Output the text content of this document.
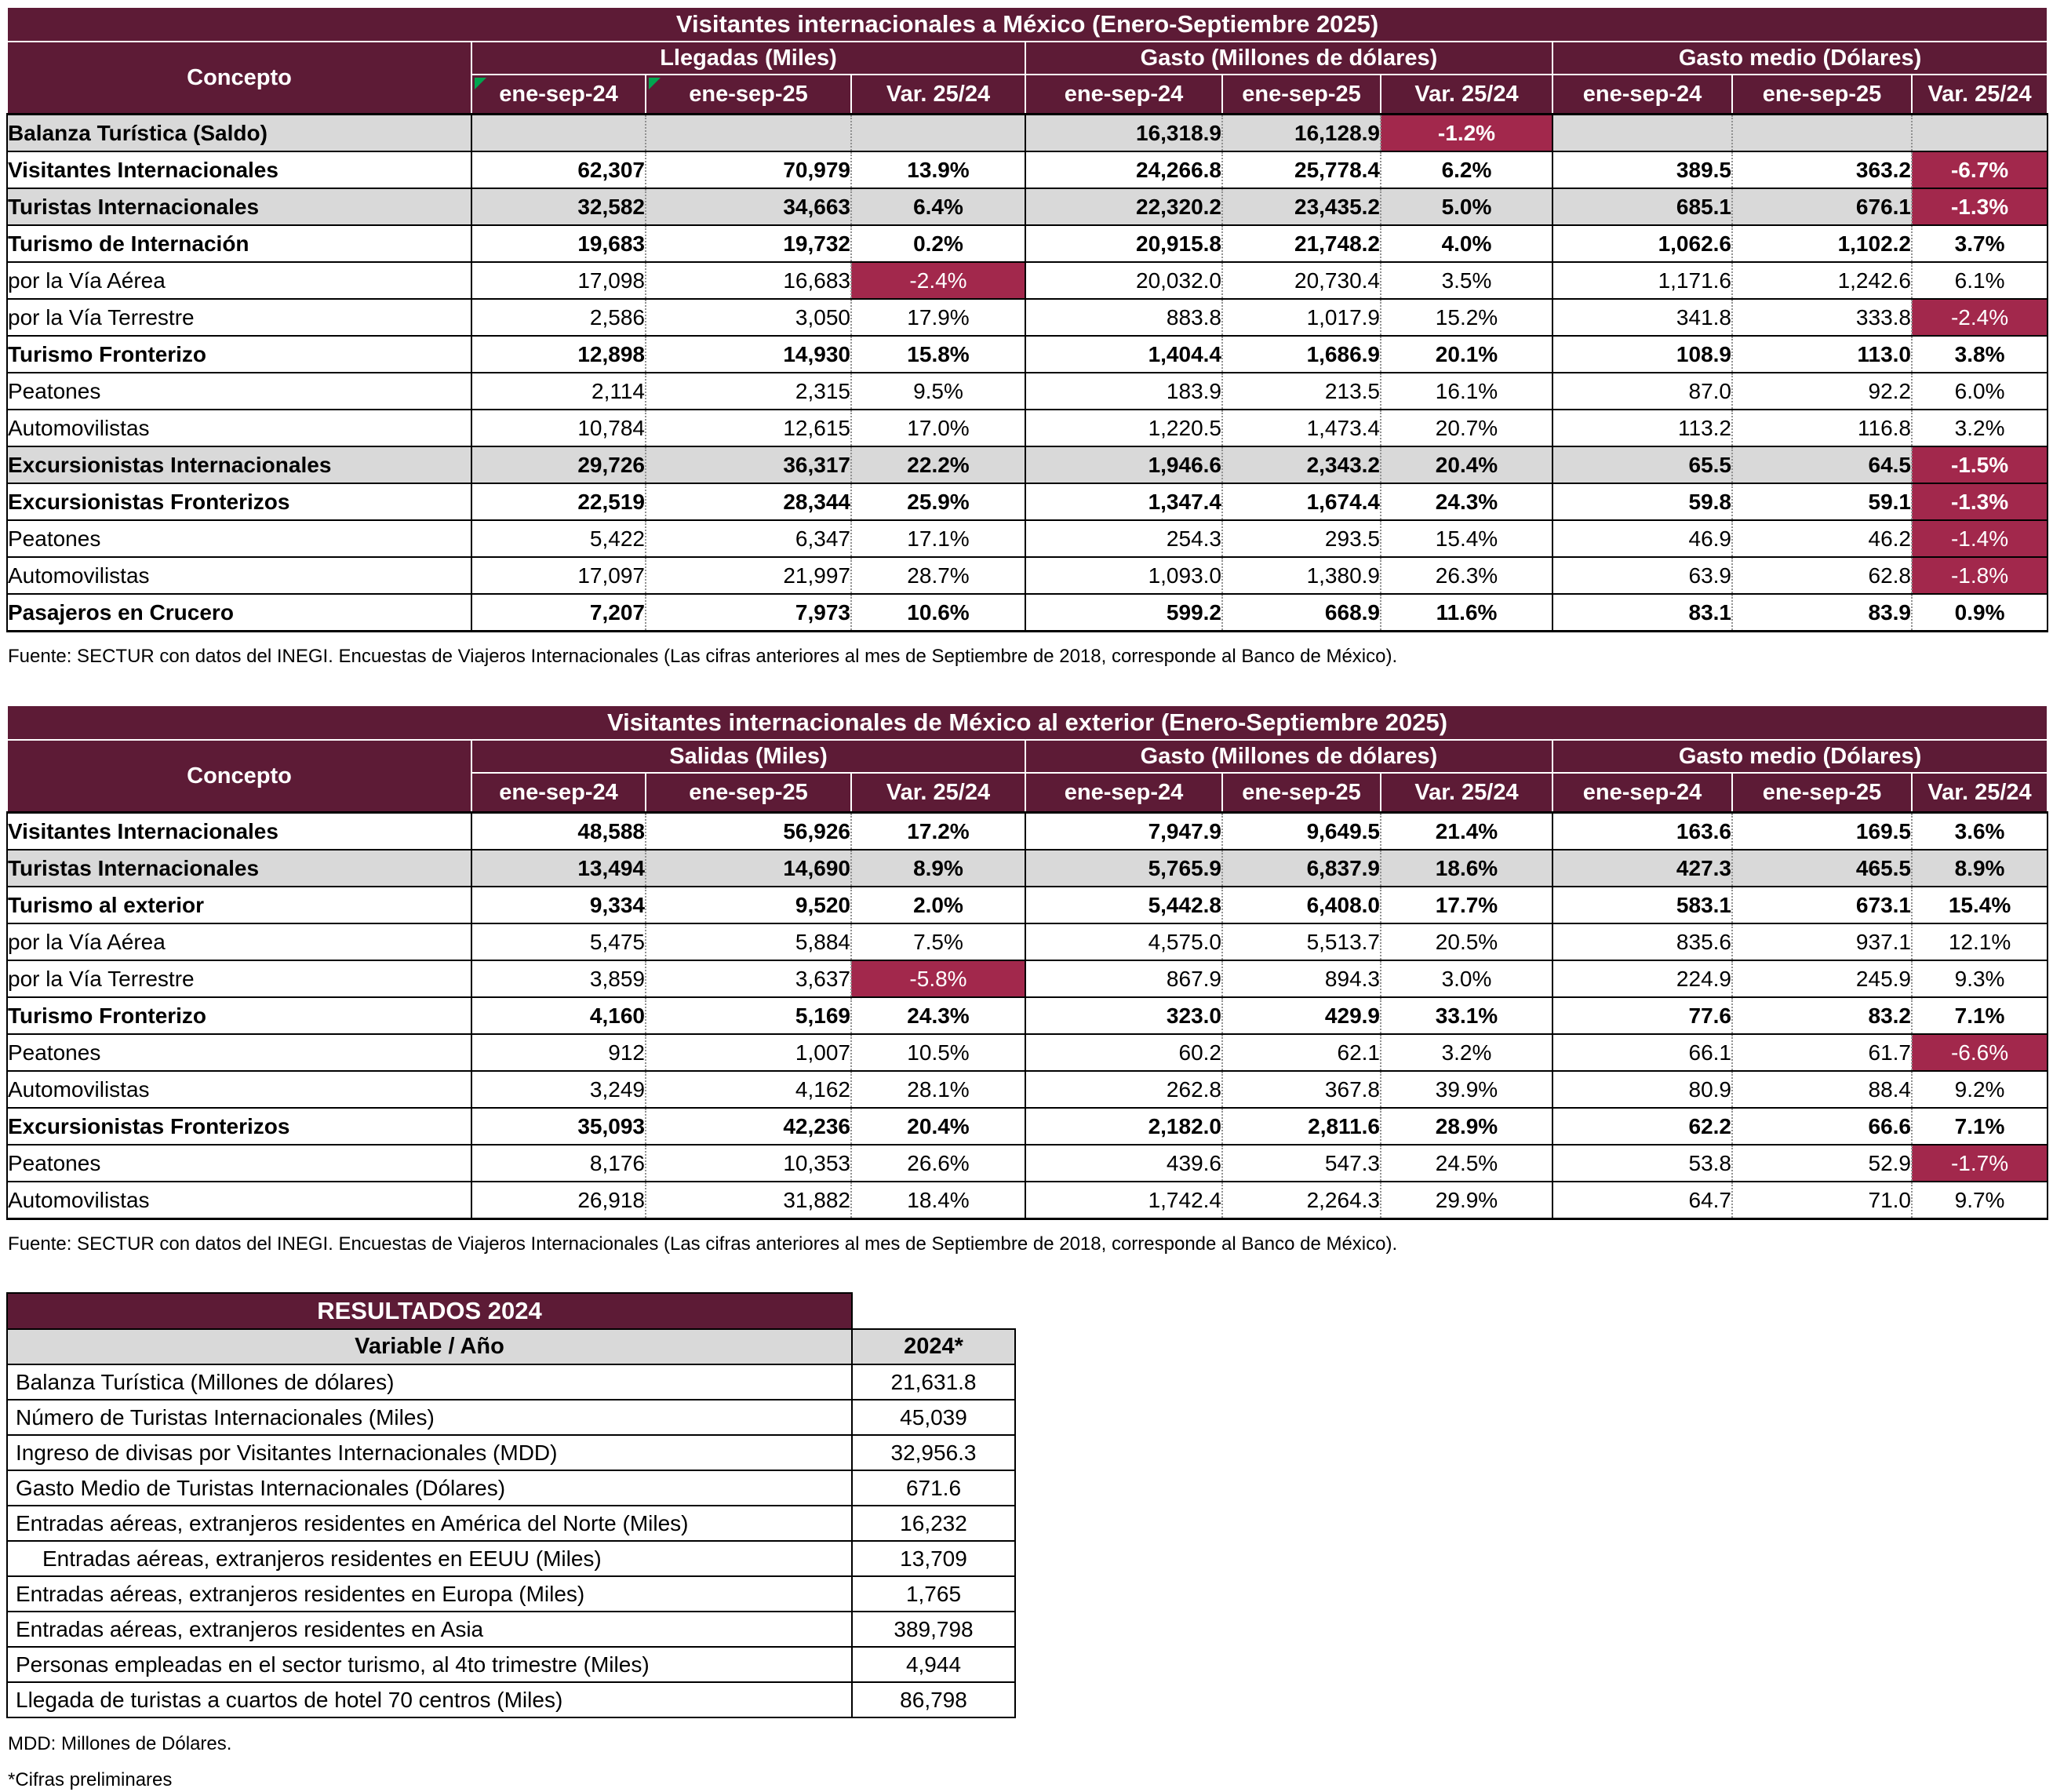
Visitantes internacionales a México (Enero-Septiembre 2025)									
Concepto	Llegadas (Miles)			Gasto (Millones de dólares)			Gasto medio (Dólares)		
	ene-sep-24	ene-sep-25	Var. 25/24	ene-sep-24	ene-sep-25	Var. 25/24	ene-sep-24	ene-sep-25	Var. 25/24
Balanza Turística (Saldo)				16,318.9	16,128.9	-1.2%			
Visitantes Internacionales	62,307	70,979	13.9%	24,266.8	25,778.4	6.2%	389.5	363.2	-6.7%
Turistas Internacionales	32,582	34,663	6.4%	22,320.2	23,435.2	5.0%	685.1	676.1	-1.3%
Turismo de Internación	19,683	19,732	0.2%	20,915.8	21,748.2	4.0%	1,062.6	1,102.2	3.7%
por la Vía Aérea	17,098	16,683	-2.4%	20,032.0	20,730.4	3.5%	1,171.6	1,242.6	6.1%
por la Vía Terrestre	2,586	3,050	17.9%	883.8	1,017.9	15.2%	341.8	333.8	-2.4%
Turismo Fronterizo	12,898	14,930	15.8%	1,404.4	1,686.9	20.1%	108.9	113.0	3.8%
Peatones	2,114	2,315	9.5%	183.9	213.5	16.1%	87.0	92.2	6.0%
Automovilistas	10,784	12,615	17.0%	1,220.5	1,473.4	20.7%	113.2	116.8	3.2%
Excursionistas Internacionales	29,726	36,317	22.2%	1,946.6	2,343.2	20.4%	65.5	64.5	-1.5%
Excursionistas Fronterizos	22,519	28,344	25.9%	1,347.4	1,674.4	24.3%	59.8	59.1	-1.3%
Peatones	5,422	6,347	17.1%	254.3	293.5	15.4%	46.9	46.2	-1.4%
Automovilistas	17,097	21,997	28.7%	1,093.0	1,380.9	26.3%	63.9	62.8	-1.8%
Pasajeros en Crucero	7,207	7,973	10.6%	599.2	668.9	11.6%	83.1	83.9	0.9%

Fuente: SECTUR con datos del INEGI. Encuestas de Viajeros Internacionales (Las cifras anteriores al mes de Septiembre de 2018, corresponde al Banco de México).

Visitantes internacionales de México al exterior (Enero-Septiembre 2025)									
Concepto	Salidas (Miles)			Gasto (Millones de dólares)			Gasto medio (Dólares)		
	ene-sep-24	ene-sep-25	Var. 25/24	ene-sep-24	ene-sep-25	Var. 25/24	ene-sep-24	ene-sep-25	Var. 25/24
Visitantes Internacionales	48,588	56,926	17.2%	7,947.9	9,649.5	21.4%	163.6	169.5	3.6%
Turistas Internacionales	13,494	14,690	8.9%	5,765.9	6,837.9	18.6%	427.3	465.5	8.9%
Turismo al exterior	9,334	9,520	2.0%	5,442.8	6,408.0	17.7%	583.1	673.1	15.4%
por la Vía Aérea	5,475	5,884	7.5%	4,575.0	5,513.7	20.5%	835.6	937.1	12.1%
por la Vía Terrestre	3,859	3,637	-5.8%	867.9	894.3	3.0%	224.9	245.9	9.3%
Turismo Fronterizo	4,160	5,169	24.3%	323.0	429.9	33.1%	77.6	83.2	7.1%
Peatones	912	1,007	10.5%	60.2	62.1	3.2%	66.1	61.7	-6.6%
Automovilistas	3,249	4,162	28.1%	262.8	367.8	39.9%	80.9	88.4	9.2%
Excursionistas Fronterizos	35,093	42,236	20.4%	2,182.0	2,811.6	28.9%	62.2	66.6	7.1%
Peatones	8,176	10,353	26.6%	439.6	547.3	24.5%	53.8	52.9	-1.7%
Automovilistas	26,918	31,882	18.4%	1,742.4	2,264.3	29.9%	64.7	71.0	9.7%

Fuente: SECTUR con datos del INEGI. Encuestas de Viajeros Internacionales (Las cifras anteriores al mes de Septiembre de 2018, corresponde al Banco de México).

RESULTADOS 2024	
Variable / Año	2024*
Balanza Turística (Millones de dólares)	21,631.8
Número de Turistas Internacionales (Miles)	45,039
Ingreso de divisas por Visitantes Internacionales (MDD)	32,956.3
Gasto Medio de Turistas Internacionales (Dólares)	671.6
Entradas aéreas, extranjeros residentes en América del Norte (Miles)	16,232
Entradas aéreas, extranjeros residentes en EEUU (Miles)	13,709
Entradas aéreas, extranjeros residentes en Europa (Miles)	1,765
Entradas aéreas, extranjeros residentes en Asia	389,798
Personas empleadas en el sector turismo, al 4to trimestre (Miles)	4,944
Llegada de turistas a cuartos de hotel 70 centros (Miles)	86,798

MDD: Millones de Dólares.

*Cifras preliminares
